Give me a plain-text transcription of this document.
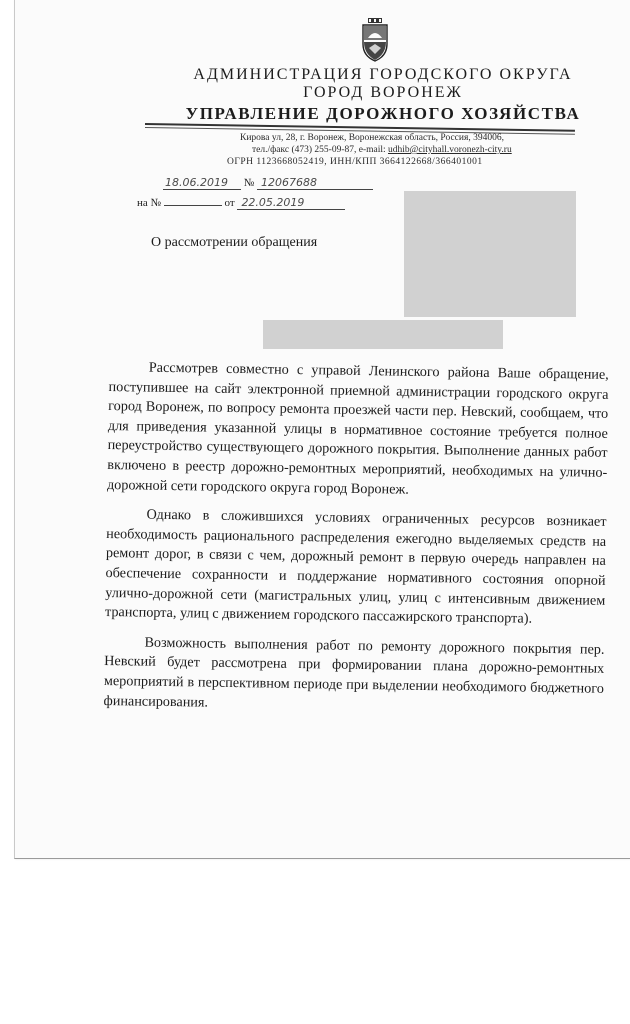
АДМИНИСТРАЦИЯ ГОРОДСКОГО ОКРУГА
ГОРОД ВОРОНЕЖ
УПРАВЛЕНИЕ ДОРОЖНОГО ХОЗЯЙСТВА
Кирова ул, 28, г. Воронеж, Воронежская область, Россия, 394006,
тел./факс (473) 255-09-87, e-mail: udhib@cityhall.voronezh-city.ru
ОГРН 1123668052419, ИНН/КПП 3664122668/366401001
18.06.2019 № 12067688
на №	от 22.05.2019
О рассмотрении обращения

Рассмотрев совместно с управой Ленинского района Ваше обращение, поступившее на сайт электронной приемной администрации городского округа город Воронеж, по вопросу ремонта проезжей части пер. Невский, сообщаем, что для приведения указанной улицы в нормативное состояние требуется полное переустройство существующего дорожного покрытия. Выполнение данных работ включено в реестр дорожно-ремонтных мероприятий, необходимых на улично-дорожной сети городского округа город Воронеж.

Однако в сложившихся условиях ограниченных ресурсов возникает необходимость рационального распределения ежегодно выделяемых средств на ремонт дорог, в связи с чем, дорожный ремонт в первую очередь направлен на обеспечение сохранности и поддержание нормативного состояния опорной улично-дорожной сети (магистральных улиц, улиц с интенсивным движением транспорта, улиц с движением городского пассажирского транспорта).

Возможность выполнения работ по ремонту дорожного покрытия пер. Невский будет рассмотрена при формировании плана дорожно-ремонтных мероприятий в перспективном периоде при выделении необходимого бюджетного финансирования.
